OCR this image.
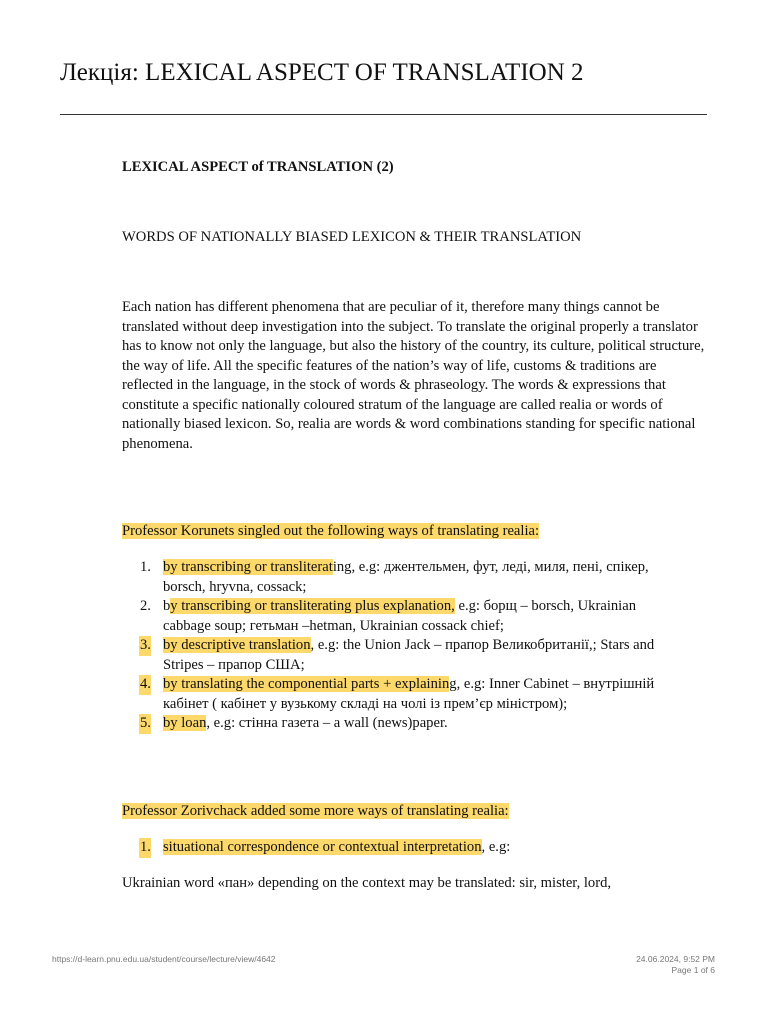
Лекція: LEXICAL ASPECT OF TRANSLATION 2
LEXICAL ASPECT of TRANSLATION (2)
WORDS OF NATIONALLY BIASED LEXICON & THEIR TRANSLATION

Each nation has different phenomena that are peculiar of it, therefore many things cannot be translated without deep investigation into the subject. To translate the original properly a translator has to know not only the language, but also the history of the country, its culture, political structure, the way of life. All the specific features of the nation’s way of life, customs & traditions are reflected in the language, in the stock of words & phraseology. The words & expressions that constitute a specific nationally coloured stratum of the language are called realia or words of nationally biased lexicon. So, realia are words & word combinations standing for specific national phenomena.

Professor Korunets singled out the following ways of translating realia:
1. by transcribing or transliterating, e.g: джентельмен, фут, леді, миля, пені, спікер, borsch, hryvna, cossack;
2. by transcribing or transliterating plus explanation, e.g: борщ – borsch, Ukrainian cabbage soup; гетьман –hetman, Ukrainian cossack chief;
3. by descriptive translation, e.g: the Union Jack – прапор Великобританії,; Stars and Stripes – прапор США;
4. by translating the componential parts + explaining, e.g: Inner Cabinet – внутрішній кабінет ( кабінет у вузькому складі на чолі із прем’єр міністром);
5. by loan, e.g: стінна газета – a wall (news)paper.
Professor Zorivchack added some more ways of translating realia:
1. situational correspondence or contextual interpretation, e.g:
Ukrainian word «пан» depending on the context may be translated: sir, mister, lord,
https://d-learn.pnu.edu.ua/student/course/lecture/view/4642	24.06.2024, 9:52 PM
Page 1 of 6
